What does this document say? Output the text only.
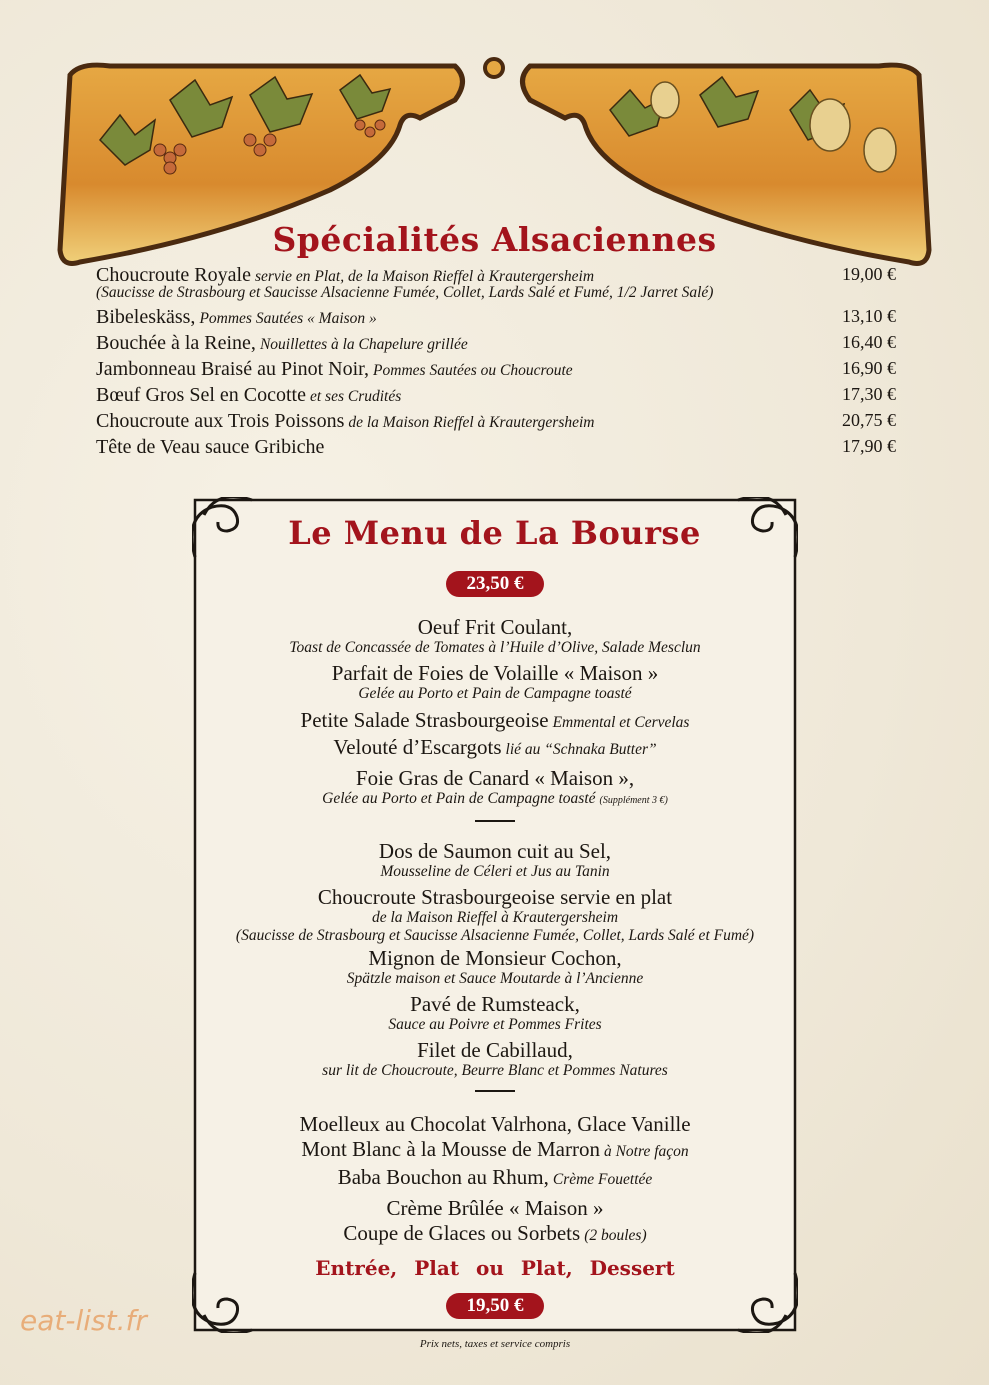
Spécialités Alsaciennes
Choucroute Royale servie en Plat, de la Maison Rieffel à Krautergersheim	19,00 €
(Saucisse de Strasbourg et Saucisse Alsacienne Fumée, Collet, Lards Salé et Fumé, 1/2 Jarret Salé)
Bibeleskäss, Pommes Sautées « Maison »	13,10 €
Bouchée à la Reine, Nouillettes à la Chapelure grillée	16,40 €
Jambonneau Braisé au Pinot Noir, Pommes Sautées ou Choucroute	16,90 €
Bœuf Gros Sel en Cocotte et ses Crudités	17,30 €
Choucroute aux Trois Poissons de la Maison Rieffel à Krautergersheim	20,75 €
Tête de Veau sauce Gribiche	17,90 €
Le Menu de La Bourse
23,50 €
Oeuf Frit Coulant,
Toast de Concassée de Tomates à l’Huile d’Olive, Salade Mesclun
Parfait de Foies de Volaille « Maison »
Gelée au Porto et Pain de Campagne toasté
Petite Salade Strasbourgeoise Emmental et Cervelas
Velouté d’Escargots lié au “Schnaka Butter”
Foie Gras de Canard « Maison »,
Gelée au Porto et Pain de Campagne toasté (Supplément 3 €)
Dos de Saumon cuit au Sel,
Mousseline de Céleri et Jus au Tanin
Choucroute Strasbourgeoise servie en plat
de la Maison Rieffel à Krautergersheim
(Saucisse de Strasbourg et Saucisse Alsacienne Fumée, Collet, Lards Salé et Fumé)
Mignon de Monsieur Cochon,
Spätzle maison et Sauce Moutarde à l’Ancienne
Pavé de Rumsteack,
Sauce au Poivre et Pommes Frites
Filet de Cabillaud,
sur lit de Choucroute, Beurre Blanc et Pommes Natures
Moelleux au Chocolat Valrhona, Glace Vanille
Mont Blanc à la Mousse de Marron à Notre façon
Baba Bouchon au Rhum, Crème Fouettée
Crème Brûlée « Maison »
Coupe de Glaces ou Sorbets (2 boules)
Entrée, Plat ou Plat, Dessert
19,50 €
Prix nets, taxes et service compris
eat-list.fr
